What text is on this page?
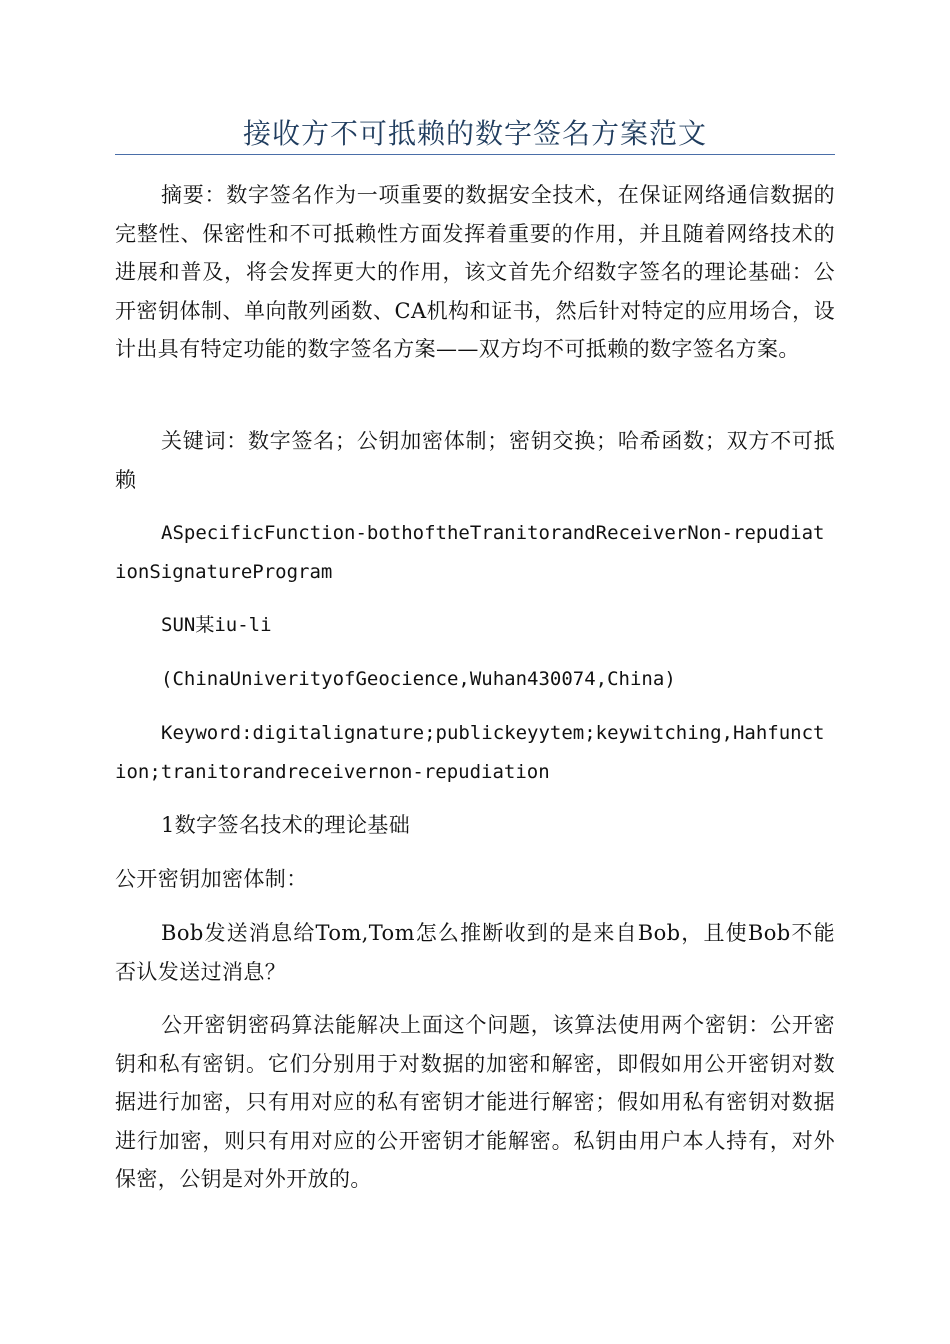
接收方不可抵赖的数字签名方案范文

摘要：数字签名作为一项重要的数据安全技术，在保证网络通信数据的完整性、保密性和不可抵赖性方面发挥着重要的作用，并且随着网络技术的进展和普及，将会发挥更大的作用，该文首先介绍数字签名的理论基础：公开密钥体制、单向散列函数、CA机构和证书，然后针对特定的应用场合，设计出具有特定功能的数字签名方案——双方均不可抵赖的数字签名方案。

关键词：数字签名；公钥加密体制；密钥交换；哈希函数；双方不可抵赖

ASpecificFunction-bothoftheTranitorandReceiverNon-repudiationSignatureProgram

SUN某iu-li

(ChinaUniverityofGeocience,Wuhan430074,China)

Keyword:digitalignature;publickeyytem;keywitching,Hahfunction;tranitorandreceivernon-repudiation

1数字签名技术的理论基础

公开密钥加密体制：

Bob发送消息给Tom,Tom怎么推断收到的是来自Bob，且使Bob不能否认发送过消息？

公开密钥密码算法能解决上面这个问题，该算法使用两个密钥：公开密钥和私有密钥。它们分别用于对数据的加密和解密，即假如用公开密钥对数据进行加密，只有用对应的私有密钥才能进行解密；假如用私有密钥对数据进行加密，则只有用对应的公开密钥才能解密。私钥由用户本人持有，对外保密，公钥是对外开放的。
